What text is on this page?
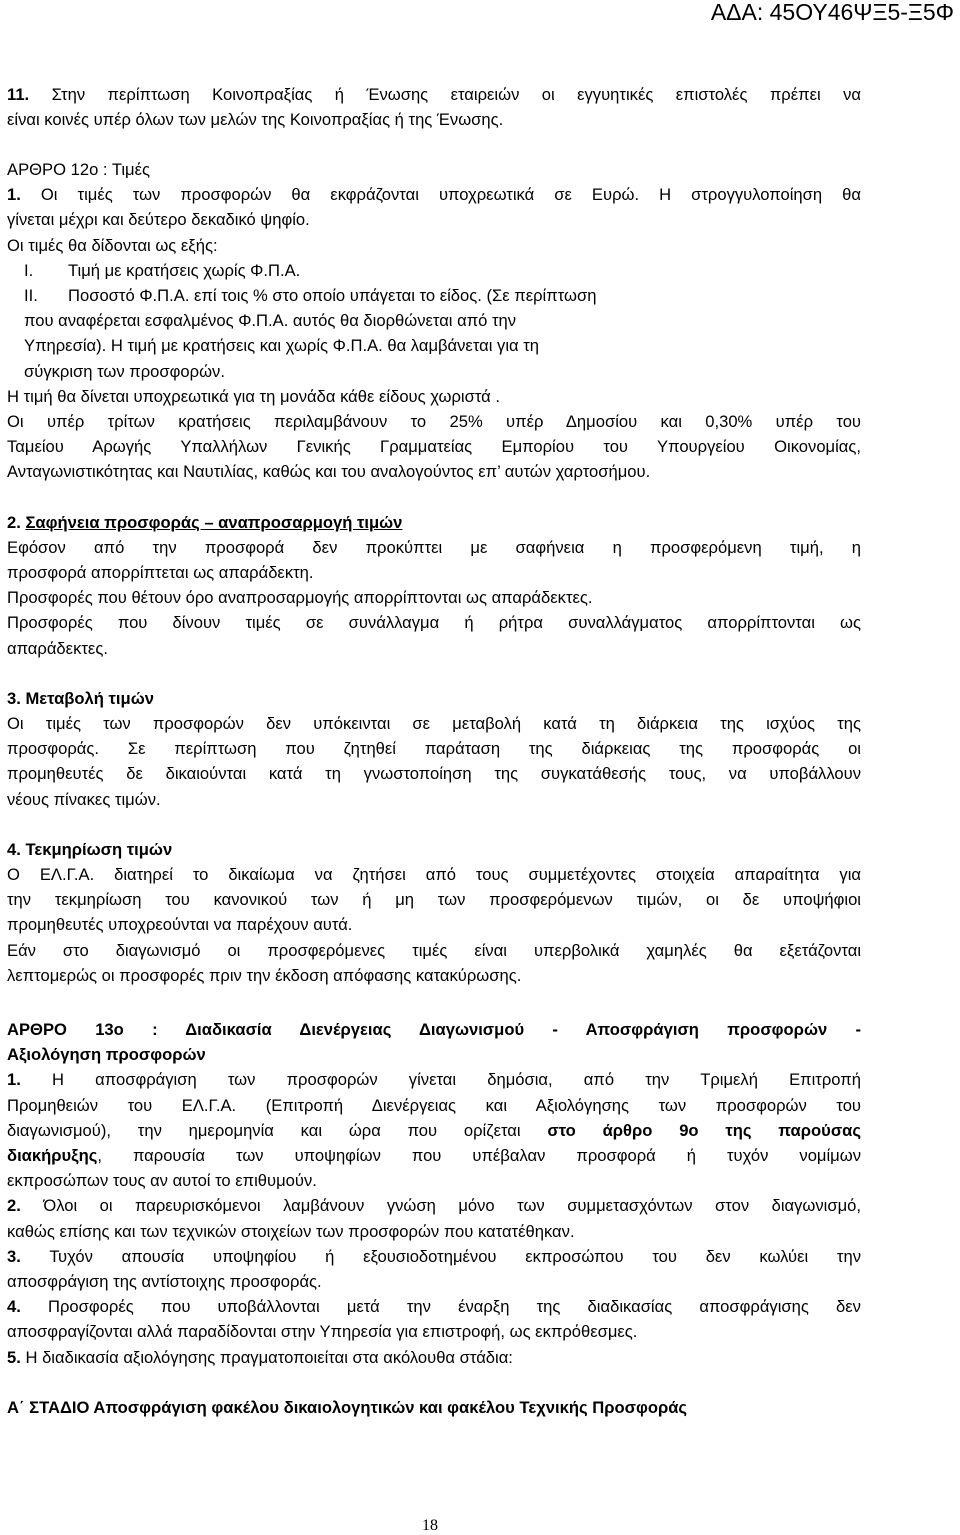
ΑΔΑ: 45ΟΥ46ΨΞ5-Ξ5Φ

11. Στην περίπτωση Κοινοπραξίας ή Ένωσης εταιρειών οι εγγυητικές επιστολές πρέπει να

είναι κοινές υπέρ όλων των μελών της Κοινοπραξίας ή της Ένωσης.

ΑΡΘΡΟ 12ο : Τιμές

1. Οι τιμές των προσφορών θα εκφράζονται υποχρεωτικά σε Ευρώ. Η στρογγυλοποίηση θα

γίνεται μέχρι και δεύτερο δεκαδικό ψηφίο.

Οι τιμές θα δίδονται ως εξής:

I.	Τιμή με κρατήσεις χωρίς Φ.Π.Α.
II.	Ποσοστό Φ.Π.Α. επί τοις % στο οποίο υπάγεται το είδος. (Σε περίπτωση

που αναφέρεται εσφαλμένος Φ.Π.Α. αυτός θα διορθώνεται από την

Υπηρεσία). Η τιμή με κρατήσεις και χωρίς Φ.Π.Α. θα λαμβάνεται για τη

σύγκριση των προσφορών.

Η τιμή θα δίνεται υποχρεωτικά για τη μονάδα κάθε είδους χωριστά .

Οι υπέρ τρίτων κρατήσεις περιλαμβάνουν το 25% υπέρ Δημοσίου και 0,30% υπέρ του

Ταμείου Αρωγής Υπαλλήλων Γενικής Γραμματείας Εμπορίου του Υπουργείου Οικονομίας,

Ανταγωνιστικότητας και Ναυτιλίας, καθώς και του αναλογούντος επ’ αυτών χαρτοσήμου.

2. Σαφήνεια προσφοράς – αναπροσαρμογή τιμών

Εφόσον από την προσφορά δεν προκύπτει με σαφήνεια η προσφερόμενη τιμή, η

προσφορά απορρίπτεται ως απαράδεκτη.

Προσφορές που θέτουν όρο αναπροσαρμογής απορρίπτονται ως απαράδεκτες.

Προσφορές που δίνουν τιμές σε συνάλλαγμα ή ρήτρα συναλλάγματος απορρίπτονται ως

απαράδεκτες.

3. Μεταβολή τιμών

Οι τιμές των προσφορών δεν υπόκεινται σε μεταβολή κατά τη διάρκεια της ισχύος της

προσφοράς. Σε περίπτωση που ζητηθεί παράταση της διάρκειας της προσφοράς οι

προμηθευτές δε δικαιούνται κατά τη γνωστοποίηση της συγκατάθεσής τους, να υποβάλλουν

νέους πίνακες τιμών.

4. Τεκμηρίωση τιμών

Ο ΕΛ.Γ.Α. διατηρεί το δικαίωμα να ζητήσει από τους συμμετέχοντες στοιχεία απαραίτητα για

την τεκμηρίωση του κανονικού των ή μη των προσφερόμενων τιμών, οι δε υποψήφιοι

προμηθευτές υποχρεούνται να παρέχουν αυτά.

Εάν στο διαγωνισμό οι προσφερόμενες τιμές είναι υπερβολικά χαμηλές θα εξετάζονται

λεπτομερώς οι προσφορές πριν την έκδοση απόφασης κατακύρωσης.

ΑΡΘΡΟ 13ο : Διαδικασία Διενέργειας Διαγωνισμού - Αποσφράγιση προσφορών -

Αξιολόγηση προσφορών

1. Η αποσφράγιση των προσφορών γίνεται δημόσια, από την Τριμελή Επιτροπή

Προμηθειών του ΕΛ.Γ.Α. (Επιτροπή Διενέργειας και Αξιολόγησης των προσφορών του

διαγωνισμού), την ημερομηνία και ώρα που ορίζεται στο άρθρο 9ο της παρούσας

διακήρυξης, παρουσία των υποψηφίων που υπέβαλαν προσφορά ή τυχόν νομίμων

εκπροσώπων τους αν αυτοί το επιθυμούν.

2. Όλοι οι παρευρισκόμενοι λαμβάνουν γνώση μόνο των συμμετασχόντων στον διαγωνισμό,

καθώς επίσης και των τεχνικών στοιχείων των προσφορών που κατατέθηκαν.

3. Τυχόν απουσία υποψηφίου ή εξουσιοδοτημένου εκπροσώπου του δεν κωλύει την

αποσφράγιση της αντίστοιχης προσφοράς.

4. Προσφορές που υποβάλλονται μετά την έναρξη της διαδικασίας αποσφράγισης δεν

αποσφραγίζονται αλλά παραδίδονται στην Υπηρεσία για επιστροφή, ως εκπρόθεσμες.

5. Η διαδικασία αξιολόγησης πραγματοποιείται στα ακόλουθα στάδια:

Α΄ ΣΤΑΔΙΟ Αποσφράγιση φακέλου δικαιολογητικών και φακέλου Τεχνικής Προσφοράς

18
